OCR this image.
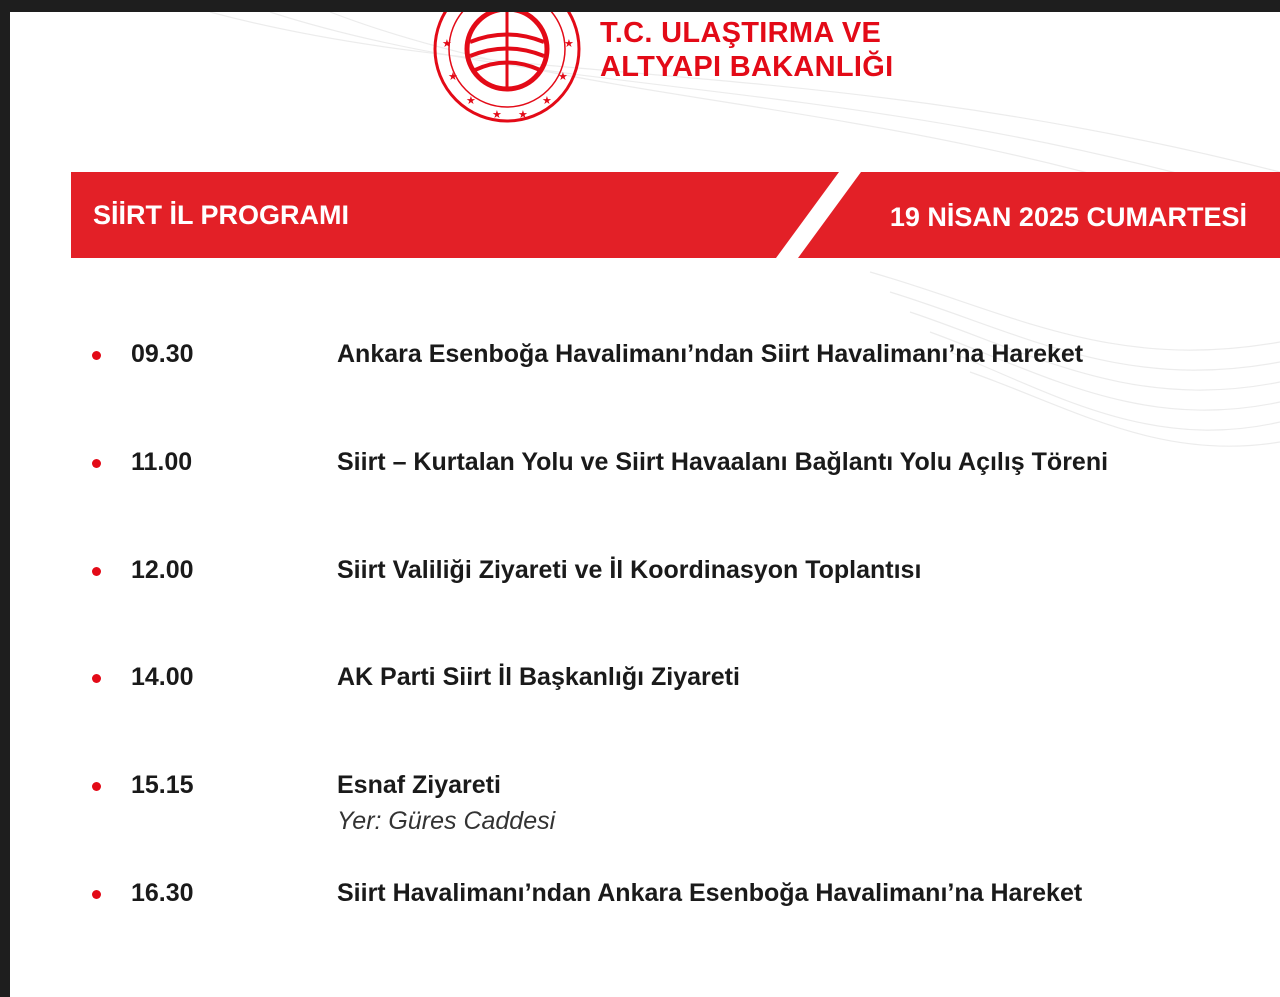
★
★
★
★
★ ★
★
★
★
★
T.C. ULAŞTIRMA VE
ALTYAPI BAKANLIĞI
SİİRT İL PROGRAMI	19 NİSAN 2025 CUMARTESİ
09.30	Ankara Esenboğa Havalimanı’ndan Siirt Havalimanı’na Hareket
11.00	Siirt – Kurtalan Yolu ve Siirt Havaalanı Bağlantı Yolu Açılış Töreni
12.00	Siirt Valiliği Ziyareti ve İl Koordinasyon Toplantısı
14.00	AK Parti Siirt İl Başkanlığı Ziyareti
15.15	Esnaf Ziyareti
Yer: Güres Caddesi
16.30	Siirt Havalimanı’ndan Ankara Esenboğa Havalimanı’na Hareket
